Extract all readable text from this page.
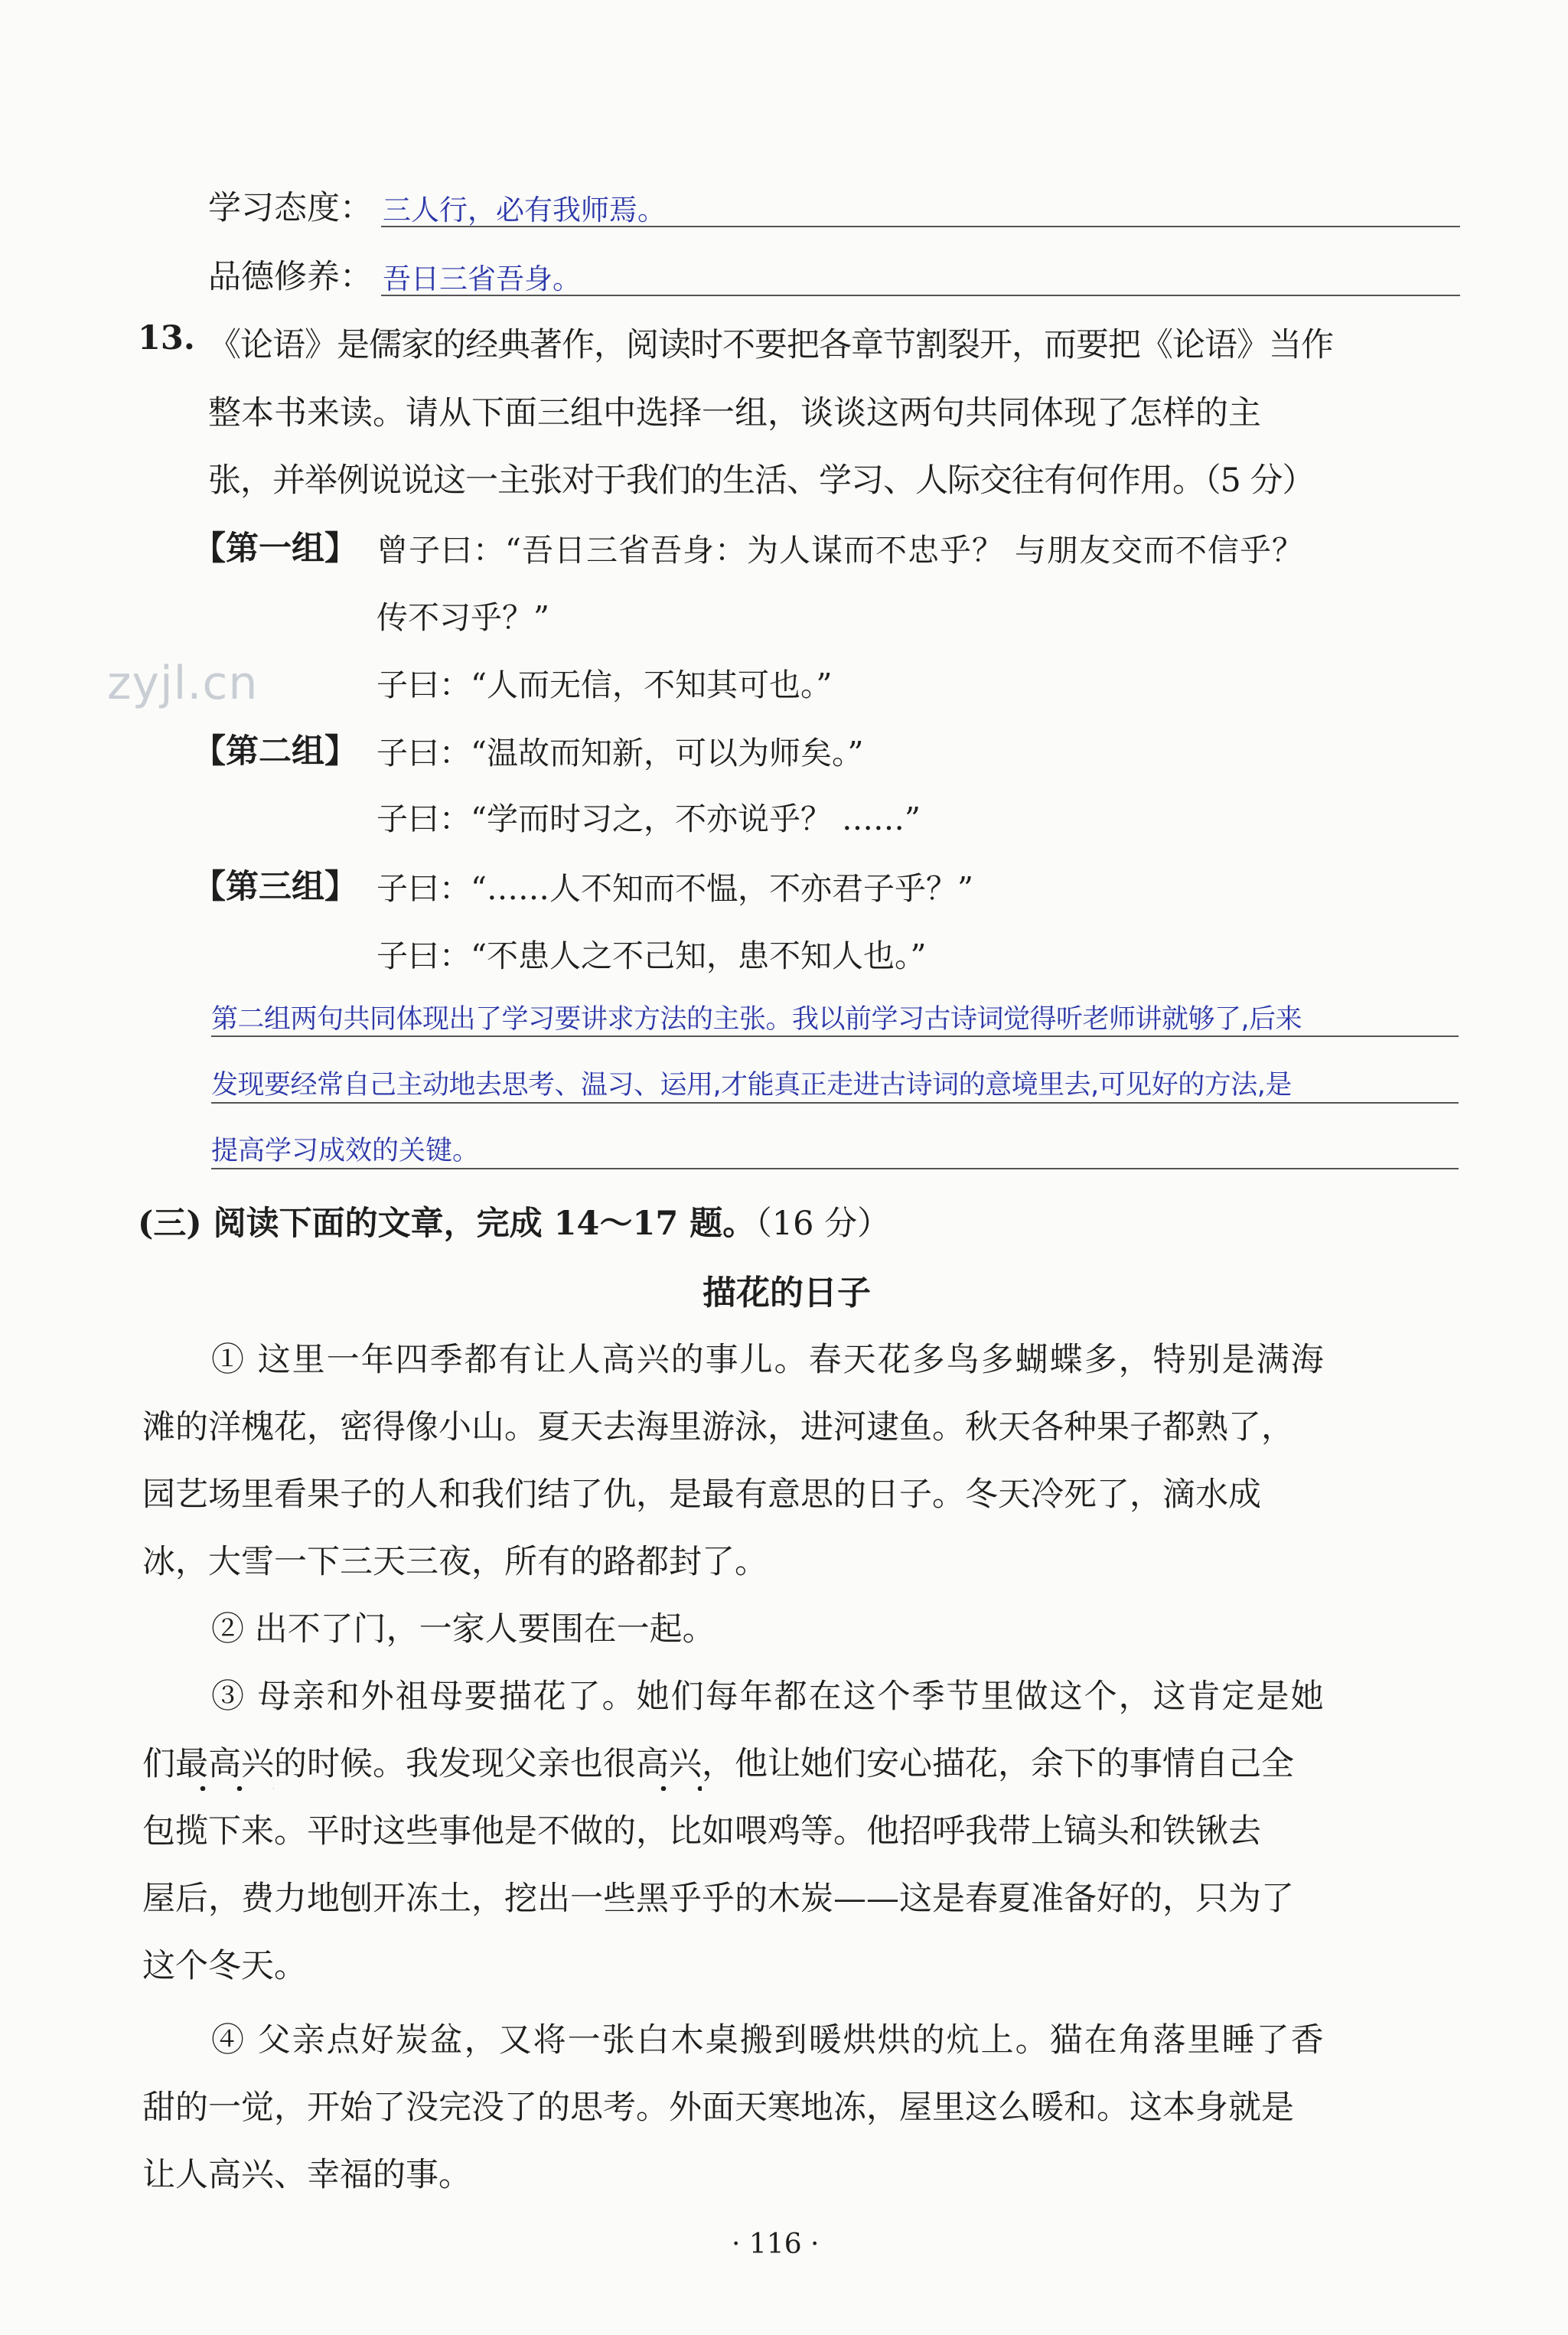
学习态度： 三人行，必有我师焉。
品德修养： 吾日三省吾身。
13. 《论语》是儒家的经典著作，阅读时不要把各章节割裂开，而要把《论语》当作
整本书来读。请从下面三组中选择一组，谈谈这两句共同体现了怎样的主
张，并举例说说这一主张对于我们的生活、学习、人际交往有何作用。（5 分）
【第一组】 曾子曰：“吾日三省吾身：为人谋而不忠乎？ 与朋友交而不信乎？
传不习乎？”
子曰：“人而无信，不知其可也。”
zyjl.cn
【第二组】 子曰：“温故而知新，可以为师矣。”
子曰：“学而时习之，不亦说乎？ ……”
【第三组】 子曰：“……人不知而不愠，不亦君子乎？”
子曰：“不患人之不己知，患不知人也。”
第二组两句共同体现出了学习要讲求方法的主张。我以前学习古诗词觉得听老师讲就够了,后来
发现要经常自己主动地去思考、温习、运用,才能真正走进古诗词的意境里去,可见好的方法,是
提高学习成效的关键。
(三) 阅读下面的文章，完成 14～17 题。（16 分）
描花的日子
① 这里一年四季都有让人高兴的事儿。春天花多鸟多蝴蝶多，特别是满海
滩的洋槐花，密得像小山。夏天去海里游泳，进河逮鱼。秋天各种果子都熟了，
园艺场里看果子的人和我们结了仇，是最有意思的日子。冬天冷死了，滴水成
冰，大雪一下三天三夜，所有的路都封了。
② 出不了门，一家人要围在一起。
③ 母亲和外祖母要描花了。她们每年都在这个季节里做这个，这肯定是她
们最高兴的时候。我发现父亲也很高兴，他让她们安心描花，余下的事情自己全
包揽下来。平时这些事他是不做的，比如喂鸡等。他招呼我带上镐头和铁锹去
屋后，费力地刨开冻土，挖出一些黑乎乎的木炭——这是春夏准备好的，只为了
这个冬天。
④ 父亲点好炭盆，又将一张白木桌搬到暖烘烘的炕上。猫在角落里睡了香
甜的一觉，开始了没完没了的思考。外面天寒地冻，屋里这么暖和。这本身就是
让人高兴、幸福的事。
· 116 ·
